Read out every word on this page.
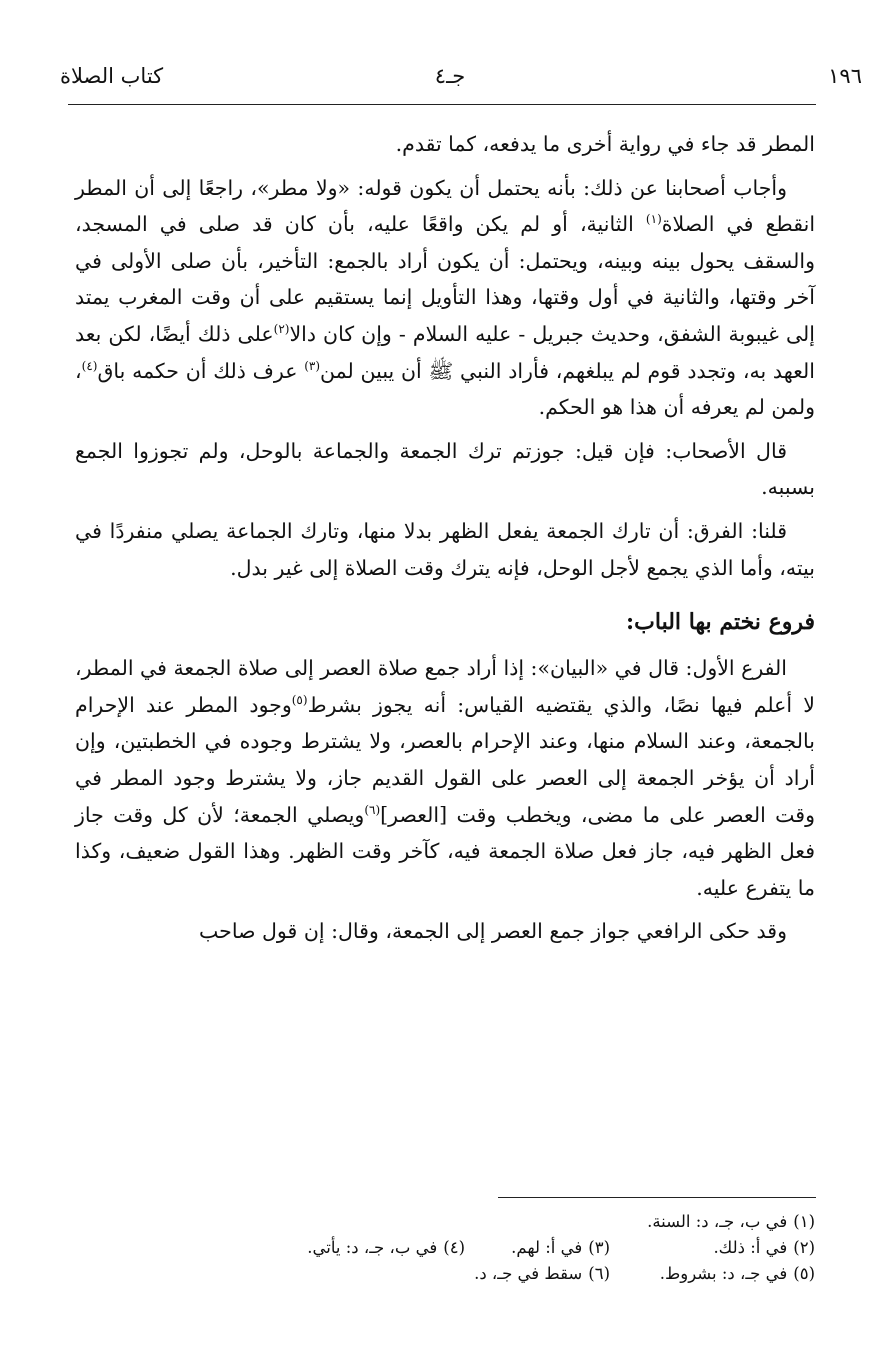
١٩٦
جـ٤
كتاب الصلاة

المطر قد جاء في رواية أخرى ما يدفعه، كما تقدم.

وأجاب أصحابنا عن ذلك: بأنه يحتمل أن يكون قوله: «ولا مطر»، راجعًا إلى أن المطر انقطع في الصلاة$^{(١)}$ الثانية، أو لم يكن واقعًا عليه، بأن كان قد صلى في المسجد، والسقف يحول بينه وبينه، ويحتمل: أن يكون أراد بالجمع: التأخير، بأن صلى الأولى في آخر وقتها، والثانية في أول وقتها، وهذا التأويل إنما يستقيم على أن وقت المغرب يمتد إلى غيبوبة الشفق، وحديث جبريل - عليه السلام - وإن كان دالا$^{(٢)}$على ذلك أيضًا، لكن بعد العهد به، وتجدد قوم لم يبلغهم، فأراد النبي ﷺ أن يبين لمن$^{(٣)}$ عرف ذلك أن حكمه باق$^{(٤)}$، ولمن لم يعرفه أن هذا هو الحكم.

قال الأصحاب: فإن قيل: جوزتم ترك الجمعة والجماعة بالوحل، ولم تجوزوا الجمع بسببه.

قلنا: الفرق: أن تارك الجمعة يفعل الظهر بدلا منها، وتارك الجماعة يصلي منفردًا في بيته، وأما الذي يجمع لأجل الوحل، فإنه يترك وقت الصلاة إلى غير بدل.

فروع نختم بها الباب:

الفرع الأول: قال في «البيان»: إذا أراد جمع صلاة العصر إلى صلاة الجمعة في المطر، لا أعلم فيها نصًا، والذي يقتضيه القياس: أنه يجوز بشرط$^{(٥)}$وجود المطر عند الإحرام بالجمعة، وعند السلام منها، وعند الإحرام بالعصر، ولا يشترط وجوده في الخطبتين، وإن أراد أن يؤخر الجمعة إلى العصر على القول القديم جاز، ولا يشترط وجود المطر في وقت العصر على ما مضى، ويخطب وقت [العصر]$^{(٦)}$ويصلي الجمعة؛ لأن كل وقت جاز فعل الظهر فيه، جاز فعل صلاة الجمعة فيه، كآخر وقت الظهر. وهذا القول ضعيف، وكذا ما يتفرع عليه.

وقد حكى الرافعي جواز جمع العصر إلى الجمعة، وقال: إن قول صاحب

(١)في ب، جـ، د: السنة.
(٢)في أ: ذلك.
(٣)في أ: لهم.
(٤)في ب، جـ، د: يأتي.
(٥)في جـ، د: بشروط.
(٦)سقط في جـ، د.
